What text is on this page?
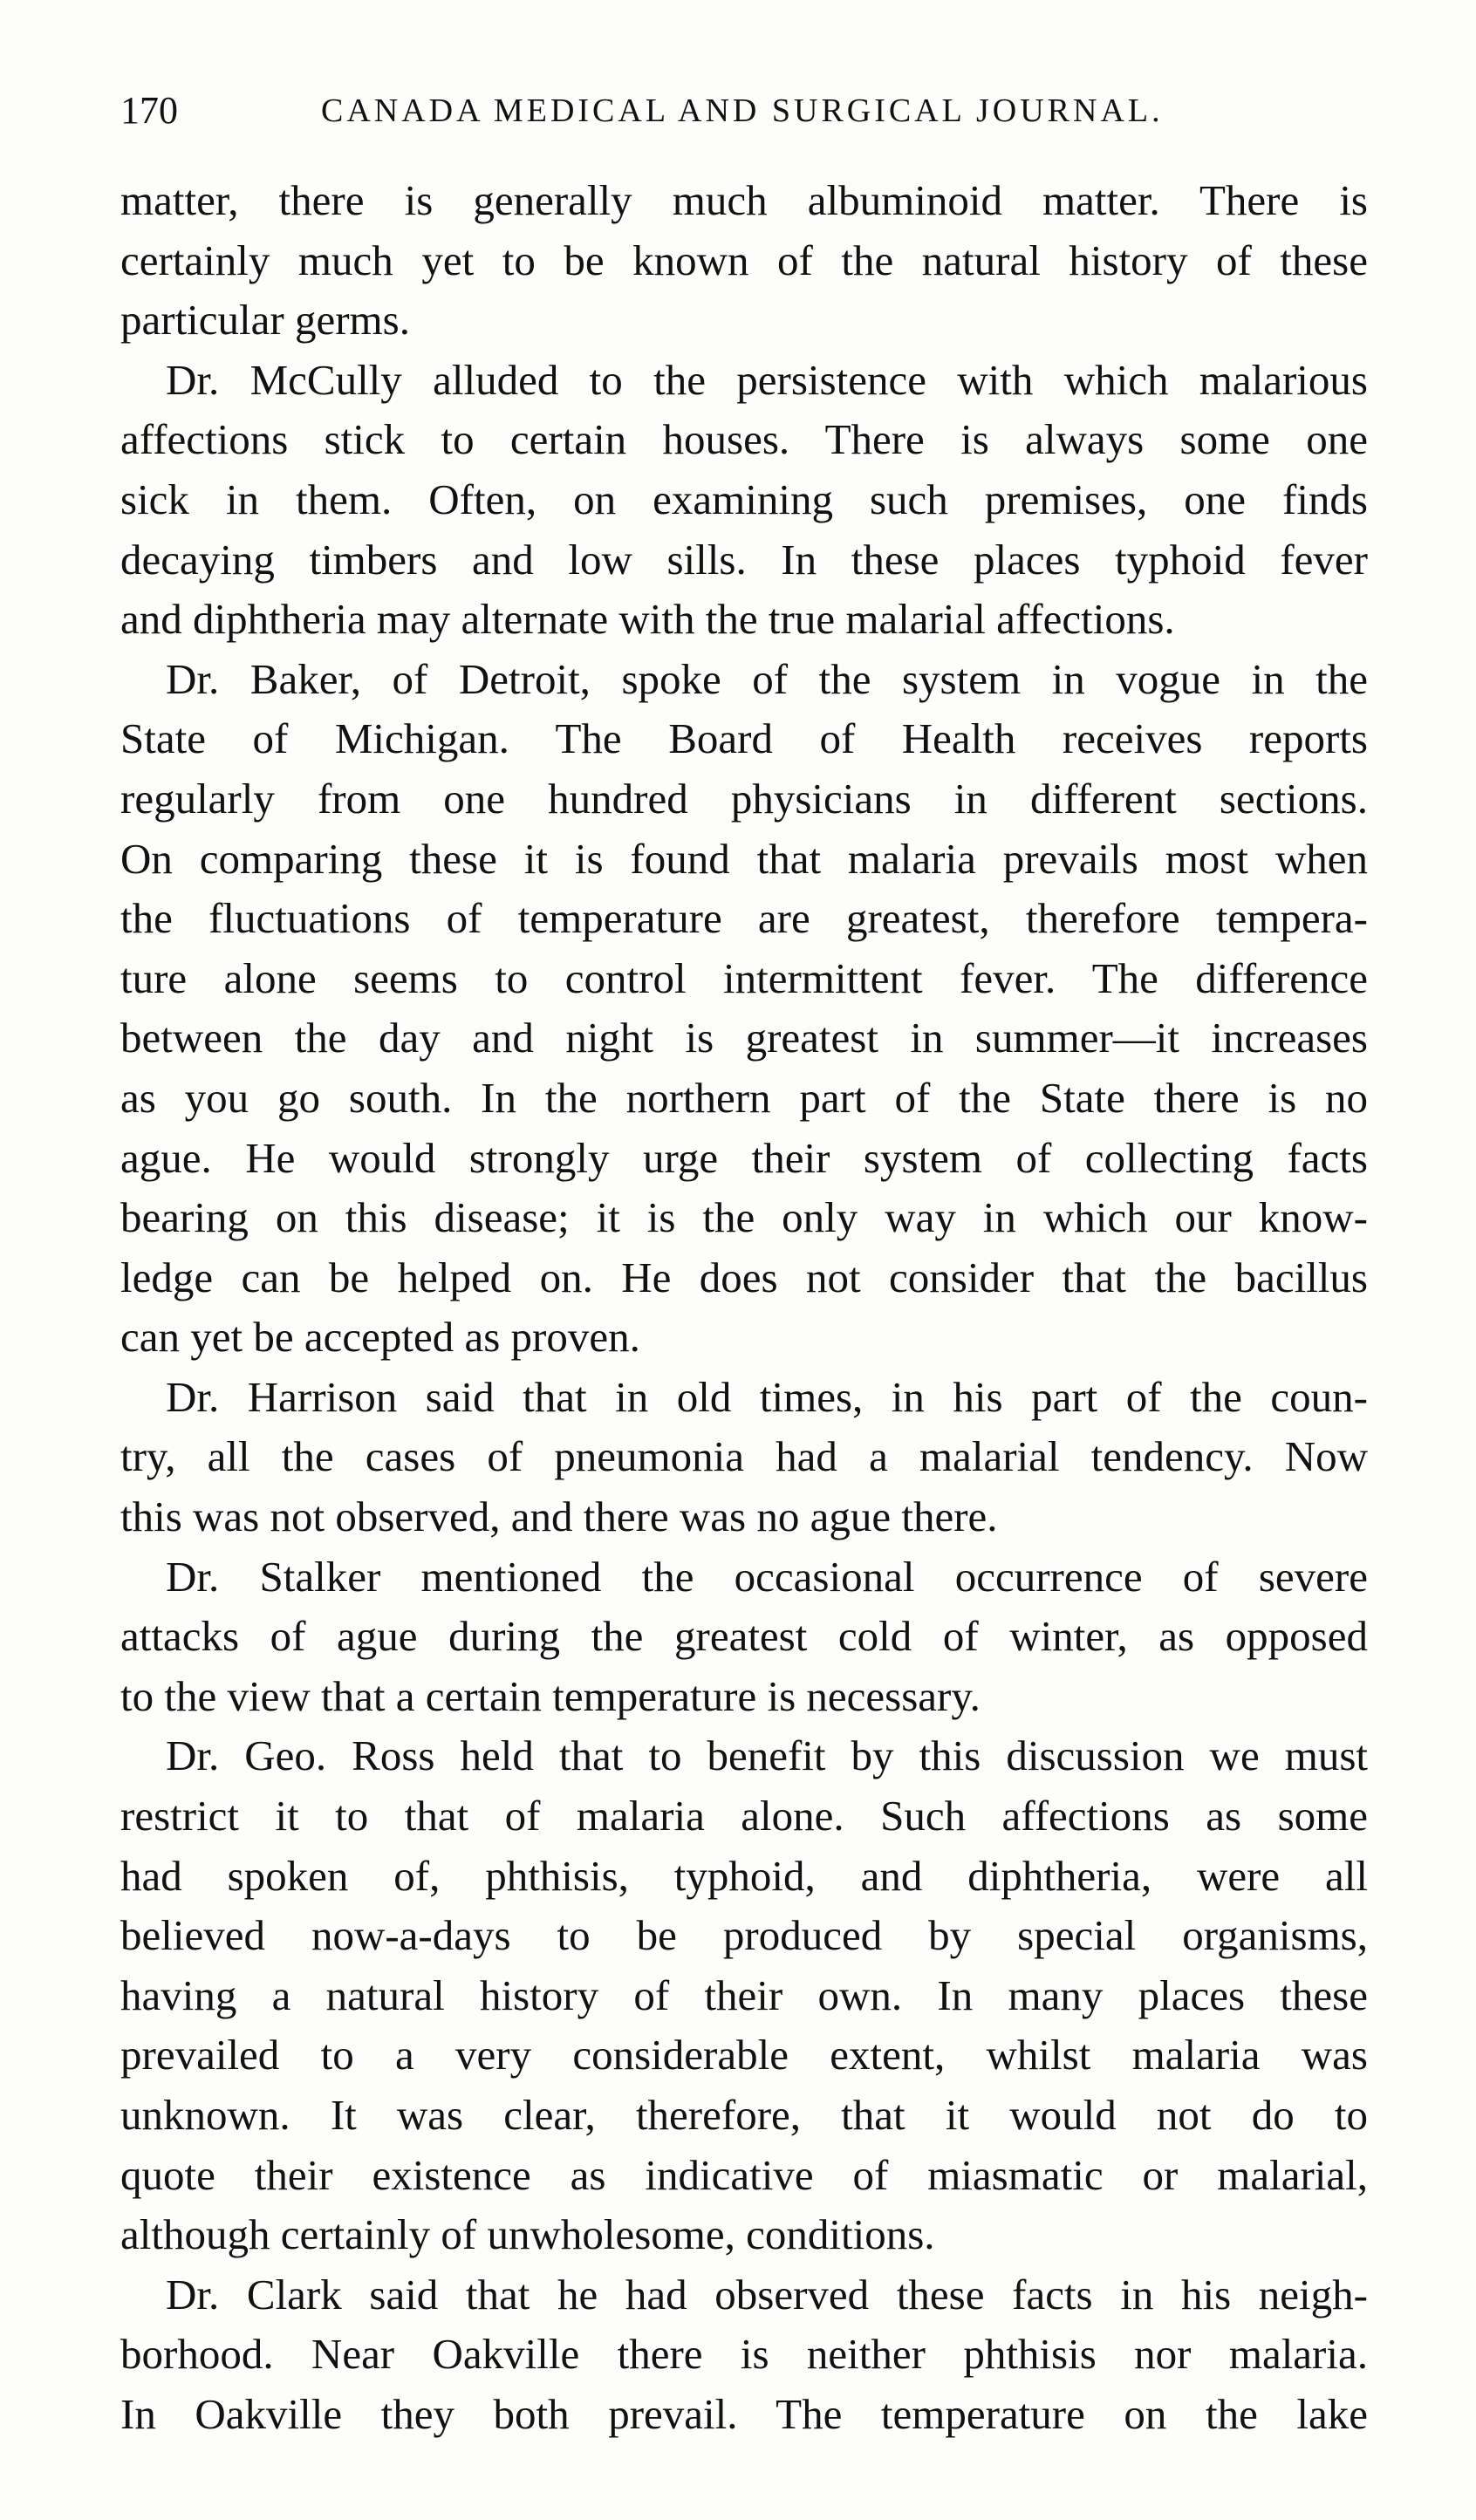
170	CANADA MEDICAL AND SURGICAL JOURNAL.
matter, there is generally much albuminoid matter. There is
certainly much yet to be known of the natural history of these
particular germs.
Dr. McCully alluded to the persistence with which malarious
affections stick to certain houses. There is always some one
sick in them. Often, on examining such premises, one finds
decaying timbers and low sills. In these places typhoid fever
and diphtheria may alternate with the true malarial affections.
Dr. Baker, of Detroit, spoke of the system in vogue in the
State of Michigan. The Board of Health receives reports
regularly from one hundred physicians in different sections.
On comparing these it is found that malaria prevails most when
the fluctuations of temperature are greatest, therefore tempera-
ture alone seems to control intermittent fever. The difference
between the day and night is greatest in summer—it increases
as you go south. In the northern part of the State there is no
ague. He would strongly urge their system of collecting facts
bearing on this disease; it is the only way in which our know-
ledge can be helped on. He does not consider that the bacillus
can yet be accepted as proven.
Dr. Harrison said that in old times, in his part of the coun-
try, all the cases of pneumonia had a malarial tendency. Now
this was not observed, and there was no ague there.
Dr. Stalker mentioned the occasional occurrence of severe
attacks of ague during the greatest cold of winter, as opposed
to the view that a certain temperature is necessary.
Dr. Geo. Ross held that to benefit by this discussion we must
restrict it to that of malaria alone. Such affections as some
had spoken of, phthisis, typhoid, and diphtheria, were all
believed now-a-days to be produced by special organisms,
having a natural history of their own. In many places these
prevailed to a very considerable extent, whilst malaria was
unknown. It was clear, therefore, that it would not do to
quote their existence as indicative of miasmatic or malarial,
although certainly of unwholesome, conditions.
Dr. Clark said that he had observed these facts in his neigh-
borhood. Near Oakville there is neither phthisis nor malaria.
In Oakville they both prevail. The temperature on the lake
